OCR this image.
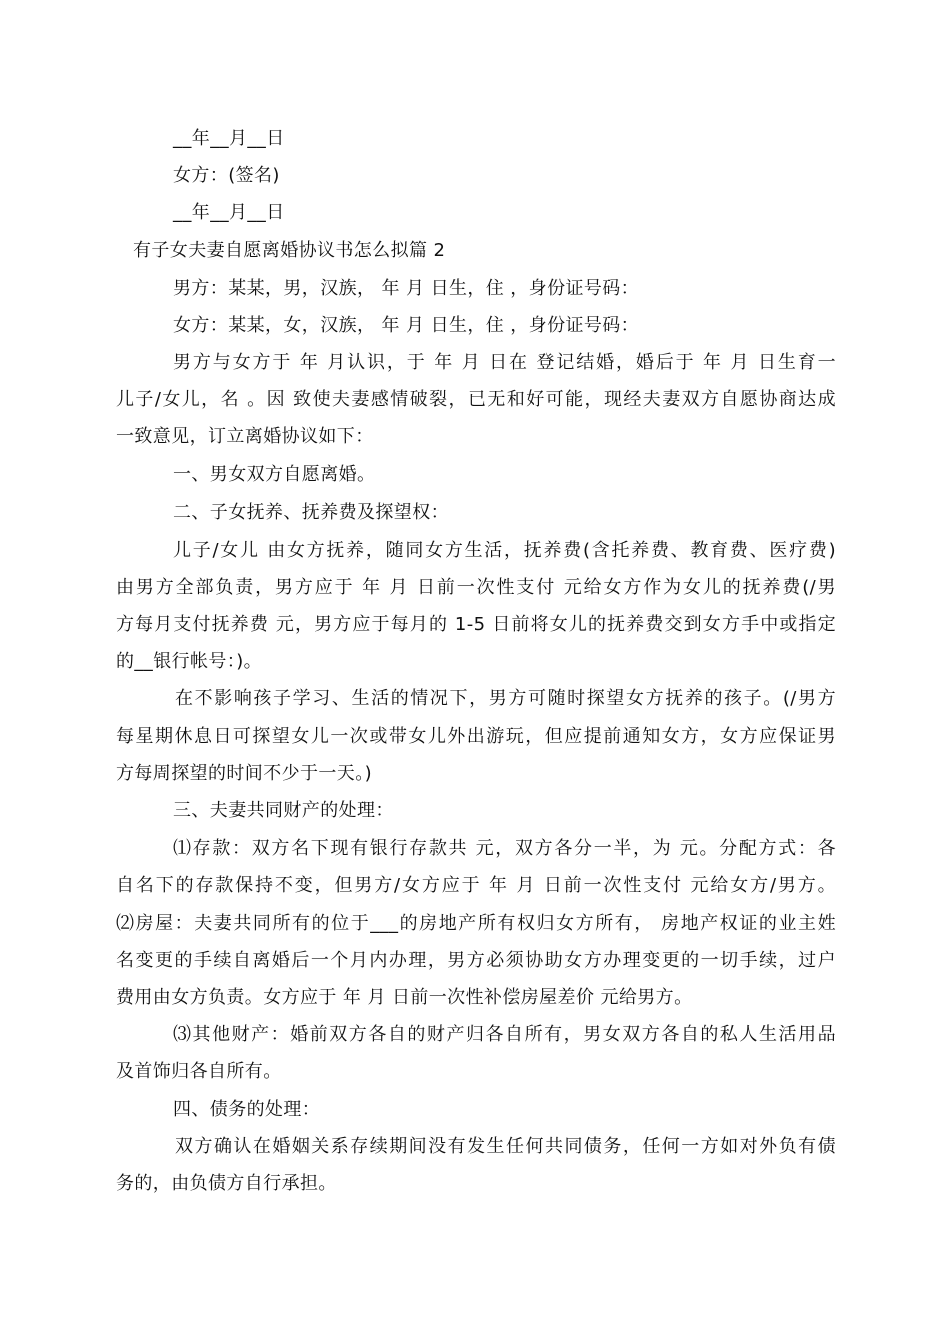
__年__月__日
女方：(签名)
__年__月__日
有子女夫妻自愿离婚协议书怎么拟篇 2
男方：某某，男，汉族， 年 月 日生，住 ，身份证号码：
女方：某某，女，汉族， 年 月 日生，住 ，身份证号码：
男方与女方于 年 月认识，于 年 月 日在 登记结婚，婚后于 年 月 日生育一
儿子/女儿，名 。因 致使夫妻感情破裂，已无和好可能，现经夫妻双方自愿协商达成
一致意见，订立离婚协议如下：
一、男女双方自愿离婚。
二、子女抚养、抚养费及探望权：
儿子/女儿 由女方抚养，随同女方生活，抚养费(含托养费、教育费、医疗费)
由男方全部负责，男方应于 年 月 日前一次性支付 元给女方作为女儿的抚养费(/男
方每月支付抚养费 元，男方应于每月的 1-5 日前将女儿的抚养费交到女方手中或指定
的__银行帐号：)。
在不影响孩子学习、生活的情况下，男方可随时探望女方抚养的孩子。(/男方
每星期休息日可探望女儿一次或带女儿外出游玩，但应提前通知女方，女方应保证男
方每周探望的时间不少于一天。)
三、夫妻共同财产的处理：
⑴存款：双方名下现有银行存款共 元，双方各分一半，为 元。分配方式：各
自名下的存款保持不变，但男方/女方应于 年 月 日前一次性支付 元给女方/男方。
⑵房屋：夫妻共同所有的位于___的房地产所有权归女方所有， 房地产权证的业主姓
名变更的手续自离婚后一个月内办理，男方必须协助女方办理变更的一切手续，过户
费用由女方负责。女方应于 年 月 日前一次性补偿房屋差价 元给男方。
⑶其他财产：婚前双方各自的财产归各自所有，男女双方各自的私人生活用品
及首饰归各自所有。
四、债务的处理：
双方确认在婚姻关系存续期间没有发生任何共同债务，任何一方如对外负有债
务的，由负债方自行承担。
